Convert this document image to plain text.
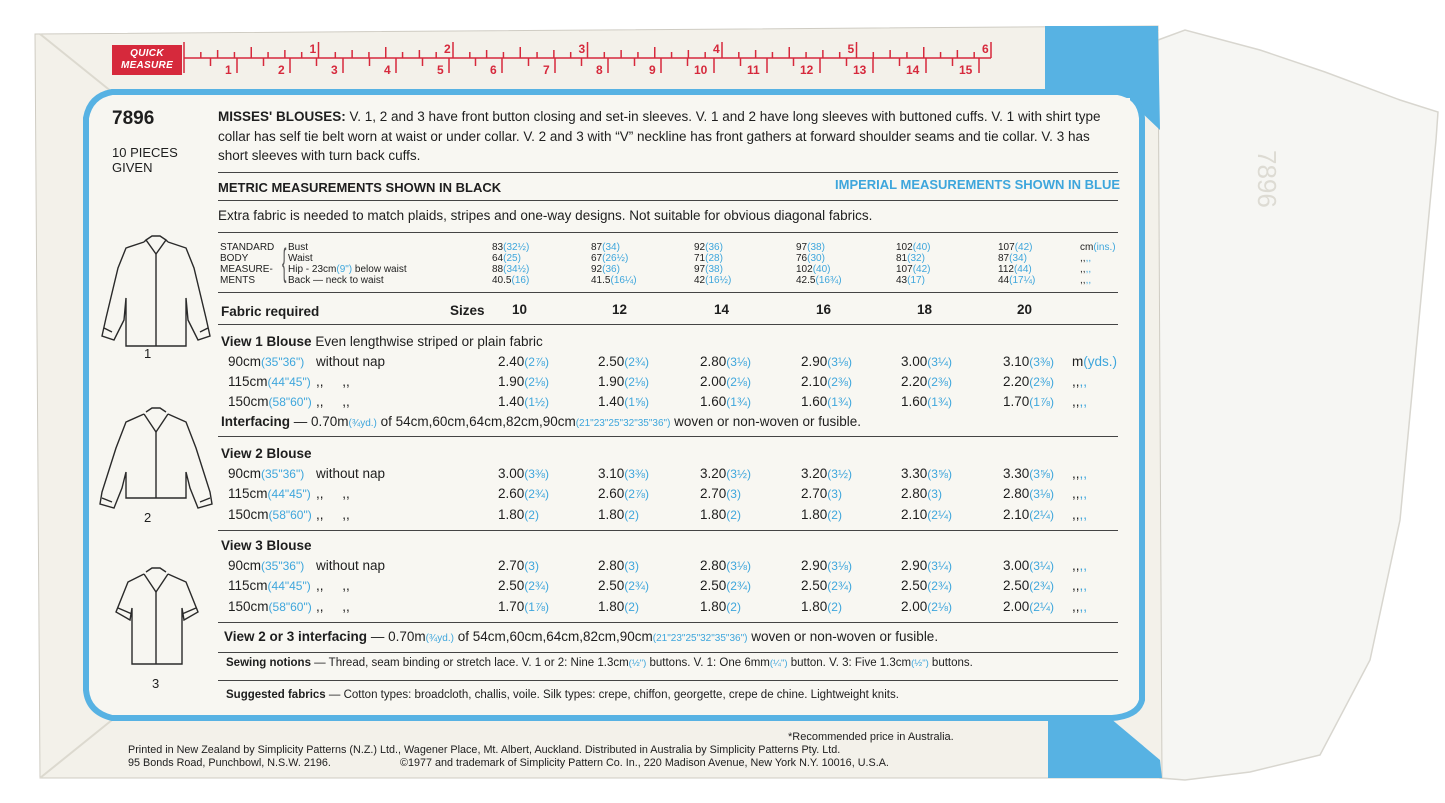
QUICK
MEASURE
1	2	3	4	5	6
1	2	3	4	5	6	7	8	9	10	11	12	13	14	15
7896
10 PIECES
GIVEN
1
2
3
MISSES' BLOUSES: V. 1, 2 and 3 have front button closing and set-in sleeves. V. 1 and 2 have long sleeves with buttoned cuffs. V. 1 with shirt type collar has self tie belt worn at waist or under collar. V. 2 and 3 with “V” neckline has front gathers at forward shoulder seams and tie collar. V. 3 has short sleeves with turn back cuffs.
METRIC MEASUREMENTS SHOWN IN BLACK	IMPERIAL MEASUREMENTS SHOWN IN BLUE
Extra fabric is needed to match plaids, stripes and one-way designs. Not suitable for obvious diagonal fabrics.
STANDARD
BODY
MEASURE-
MENTS { Bust	83(32½)	87(34)	92(36)	97(38)	102(40)	107(42)	cm(ins.)
Waist	64(25)	67(26½)	71(28)	76(30)	81(32)	87(34)	,,,,
Hip - 23cm(9") below waist	88(34½)	92(36)	97(38)	102(40)	107(42)	112(44)	,,,,
Back — neck to waist	40.5(16)	41.5(16¼)	42(16½)	42.5(16¾)	43(17)	44(17¼)	,,,,
Fabric required	Sizes 10	12	14	16	18	20
View 1 Blouse Even lengthwise striped or plain fabric
90cm(35"36") without nap	2.40(2⅞)	2.50(2¾)	2.80(3⅛)	2.90(3⅛)	3.00(3¼)	3.10(3⅜) m(yds.)
115cm(44"45") ,,     ,,	1.90(2⅛)	1.90(2⅛)	2.00(2⅛)	2.10(2⅜)	2.20(2⅜)	2.20(2⅜) ,,,,
150cm(58"60") ,,     ,,	1.40(1½)	1.40(1⅝)	1.60(1¾)	1.60(1¾)	1.60(1¾)	1.70(1⅞) ,,,,
View 2 Blouse
90cm(35"36") without nap	3.00(3⅜)	3.10(3⅜)	3.20(3½)	3.20(3½)	3.30(3⅝)	3.30(3⅝) ,,,,
115cm(44"45") ,,     ,,	2.60(2¾)	2.60(2⅞)	2.70(3)	2.70(3)	2.80(3)	2.80(3⅛) ,,,,
150cm(58"60") ,,     ,,	1.80(2)	1.80(2)	1.80(2)	1.80(2)	2.10(2¼)	2.10(2¼) ,,,,
View 3 Blouse
90cm(35"36") without nap	2.70(3)	2.80(3)	2.80(3⅛)	2.90(3⅛)	2.90(3¼)	3.00(3¼) ,,,,
115cm(44"45") ,,     ,,	2.50(2¾)	2.50(2¾)	2.50(2¾)	2.50(2¾)	2.50(2¾)	2.50(2¾) ,,,,
150cm(58"60") ,,     ,,	1.70(1⅞)	1.80(2)	1.80(2)	1.80(2)	2.00(2⅛)	2.00(2¼) ,,,,
Interfacing — 0.70m(¾yd.) of 54cm,60cm,64cm,82cm,90cm(21"23"25"32"35"36") woven or non-woven or fusible.
View 2 or 3 interfacing — 0.70m(¾yd.) of 54cm,60cm,64cm,82cm,90cm(21"23"25"32"35"36") woven or non-woven or fusible.
Sewing notions — Thread, seam binding or stretch lace. V. 1 or 2: Nine 1.3cm(½") buttons. V. 1: One 6mm(¼") button. V. 3: Five 1.3cm(½") buttons.
Suggested fabrics — Cotton types: broadcloth, challis, voile. Silk types: crepe, chiffon, georgette, crepe de chine. Lightweight knits.
*Recommended price in Australia.
Printed in New Zealand by Simplicity Patterns (N.Z.) Ltd., Wagener Place, Mt. Albert, Auckland. Distributed in Australia by Simplicity Patterns Pty. Ltd.
95 Bonds Road, Punchbowl, N.S.W. 2196.	©1977 and trademark of Simplicity Pattern Co. In., 220 Madison Avenue, New York N.Y. 10016, U.S.A.
7896
